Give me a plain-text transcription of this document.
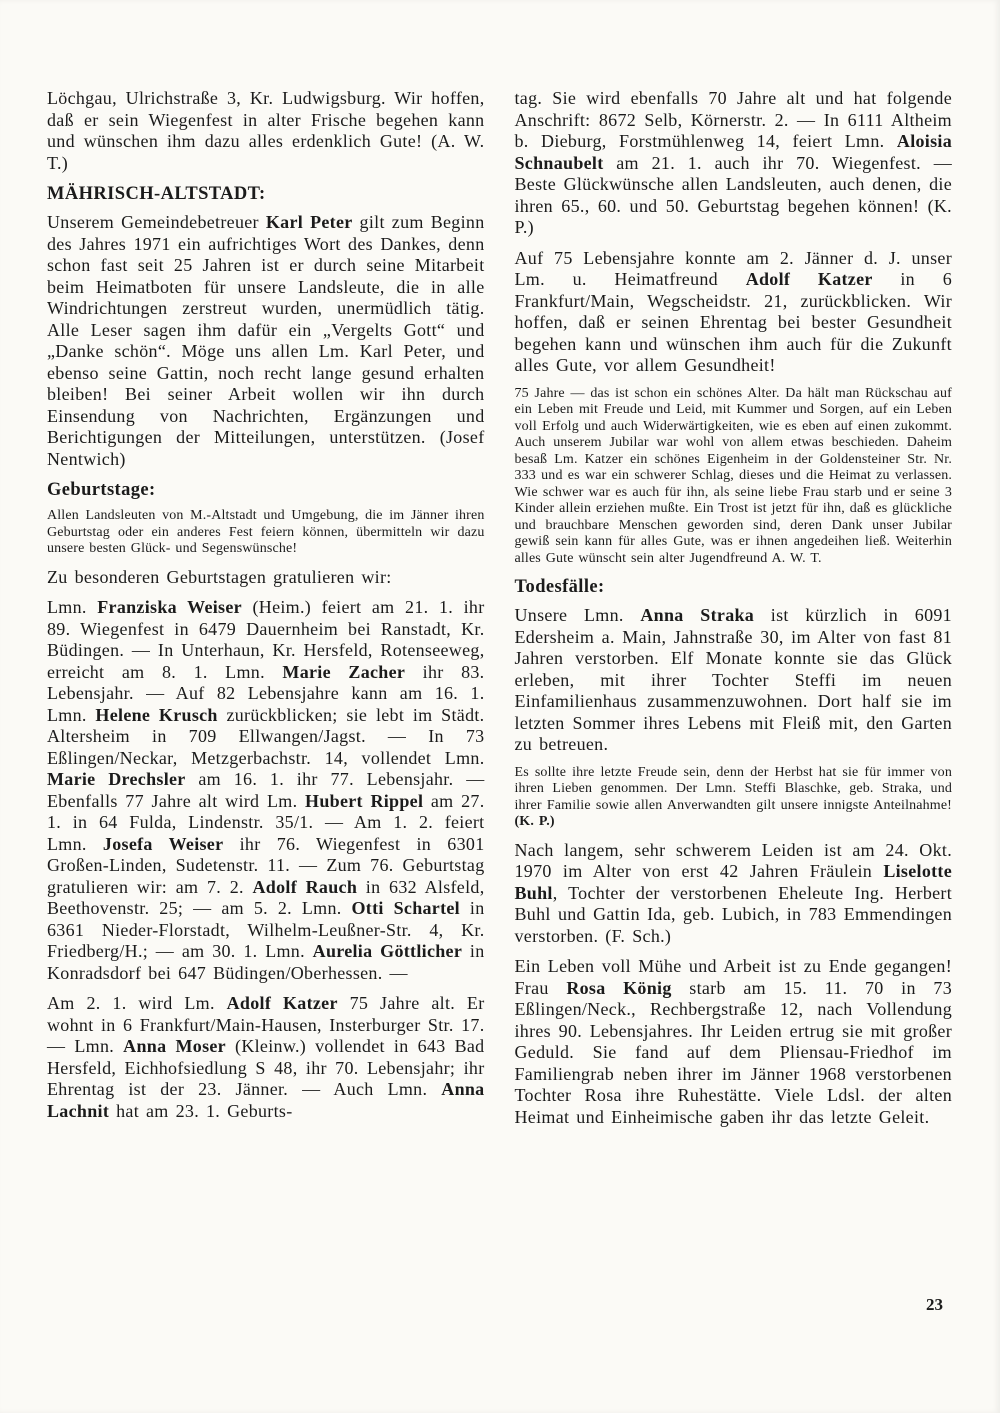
Löchgau, Ulrichstraße 3, Kr. Ludwigsburg. Wir hoffen, daß er sein Wiegenfest in alter Frische begehen kann und wünschen ihm dazu alles erdenklich Gute! (A. W. T.)

MÄHRISCH-ALTSTADT:

Unserem Gemeindebetreuer Karl Peter gilt zum Beginn des Jahres 1971 ein aufrichtiges Wort des Dankes, denn schon fast seit 25 Jahren ist er durch seine Mitarbeit beim Heimatboten für unsere Landsleute, die in alle Windrichtungen zerstreut wurden, unermüdlich tätig. Alle Leser sagen ihm dafür ein „Vergelts Gott“ und „Danke schön“. Möge uns allen Lm. Karl Peter, und ebenso seine Gattin, noch recht lange gesund erhalten bleiben! Bei seiner Arbeit wollen wir ihn durch Einsendung von Nachrichten, Ergänzungen und Berichtigungen der Mitteilungen, unterstützen. (Josef Nentwich)

Geburtstage:

Allen Landsleuten von M.-Altstadt und Umgebung, die im Jänner ihren Geburtstag oder ein anderes Fest feiern können, übermitteln wir dazu unsere besten Glück- und Segenswünsche!

Zu besonderen Geburtstagen gratulieren wir:

Lmn. Franziska Weiser (Heim.) feiert am 21. 1. ihr 89. Wiegenfest in 6479 Dauernheim bei Ranstadt, Kr. Büdingen. — In Unterhaun, Kr. Hersfeld, Rotenseeweg, erreicht am 8. 1. Lmn. Marie Zacher ihr 83. Lebensjahr. — Auf 82 Lebensjahre kann am 16. 1. Lmn. Helene Krusch zurückblicken; sie lebt im Städt. Altersheim in 709 Ellwangen/Jagst. — In 73 Eßlingen/Neckar, Metzgerbachstr. 14, vollendet Lmn. Marie Drechsler am 16. 1. ihr 77. Lebensjahr. — Ebenfalls 77 Jahre alt wird Lm. Hubert Rippel am 27. 1. in 64 Fulda, Lindenstr. 35/1. — Am 1. 2. feiert Lmn. Josefa Weiser ihr 76. Wiegenfest in 6301 Großen-Linden, Sudetenstr. 11. — Zum 76. Geburtstag gratulieren wir: am 7. 2. Adolf Rauch in 632 Alsfeld, Beethovenstr. 25; — am 5. 2. Lmn. Otti Schartel in 6361 Nieder-Florstadt, Wilhelm-Leußner-Str. 4, Kr. Friedberg/H.; — am 30. 1. Lmn. Aurelia Göttlicher in Konradsdorf bei 647 Büdingen/Oberhessen. —

Am 2. 1. wird Lm. Adolf Katzer 75 Jahre alt. Er wohnt in 6 Frankfurt/Main-Hausen, Insterburger Str. 17. — Lmn. Anna Moser (Kleinw.) vollendet in 643 Bad Hersfeld, Eichhofsiedlung S 48, ihr 70. Lebensjahr; ihr Ehrentag ist der 23. Jänner. — Auch Lmn. Anna Lachnit hat am 23. 1. Geburts-

tag. Sie wird ebenfalls 70 Jahre alt und hat folgende Anschrift: 8672 Selb, Körnerstr. 2. — In 6111 Altheim b. Dieburg, Forstmühlenweg 14, feiert Lmn. Aloisia Schnaubelt am 21. 1. auch ihr 70. Wiegenfest. — Beste Glückwünsche allen Landsleuten, auch denen, die ihren 65., 60. und 50. Geburtstag begehen können! (K. P.)

Auf 75 Lebensjahre konnte am 2. Jänner d. J. unser Lm. u. Heimatfreund Adolf Katzer in 6 Frankfurt/Main, Wegscheidstr. 21, zurückblicken. Wir hoffen, daß er seinen Ehrentag bei bester Gesundheit begehen kann und wünschen ihm auch für die Zukunft alles Gute, vor allem Gesundheit!

75 Jahre — das ist schon ein schönes Alter. Da hält man Rückschau auf ein Leben mit Freude und Leid, mit Kummer und Sorgen, auf ein Leben voll Erfolg und auch Widerwärtigkeiten, wie es eben auf einen zukommt. Auch unserem Jubilar war wohl von allem etwas beschieden. Daheim besaß Lm. Katzer ein schönes Eigenheim in der Goldensteiner Str. Nr. 333 und es war ein schwerer Schlag, dieses und die Heimat zu verlassen. Wie schwer war es auch für ihn, als seine liebe Frau starb und er seine 3 Kinder allein erziehen mußte. Ein Trost ist jetzt für ihn, daß es glückliche und brauchbare Menschen geworden sind, deren Dank unser Jubilar gewiß sein kann für alles Gute, was er ihnen angedeihen ließ. Weiterhin alles Gute wünscht sein alter Jugendfreund A. W. T.

Todesfälle:

Unsere Lmn. Anna Straka ist kürzlich in 6091 Edersheim a. Main, Jahnstraße 30, im Alter von fast 81 Jahren verstorben. Elf Monate konnte sie das Glück erleben, mit ihrer Tochter Steffi im neuen Einfamilienhaus zusammenzuwohnen. Dort half sie im letzten Sommer ihres Lebens mit Fleiß mit, den Garten zu betreuen.

Es sollte ihre letzte Freude sein, denn der Herbst hat sie für immer von ihren Lieben genommen. Der Lmn. Steffi Blaschke, geb. Straka, und ihrer Familie sowie allen Anverwandten gilt unsere innigste Anteilnahme! (K. P.)

Nach langem, sehr schwerem Leiden ist am 24. Okt. 1970 im Alter von erst 42 Jahren Fräulein Liselotte Buhl, Tochter der verstorbenen Eheleute Ing. Herbert Buhl und Gattin Ida, geb. Lubich, in 783 Emmendingen verstorben. (F. Sch.)

Ein Leben voll Mühe und Arbeit ist zu Ende gegangen! Frau Rosa König starb am 15. 11. 70 in 73 Eßlingen/Neck., Rechbergstraße 12, nach Vollendung ihres 90. Lebensjahres. Ihr Leiden ertrug sie mit großer Geduld. Sie fand auf dem Pliensau-Friedhof im Familiengrab neben ihrer im Jänner 1968 verstorbenen Tochter Rosa ihre Ruhestätte. Viele Ldsl. der alten Heimat und Einheimische gaben ihr das letzte Geleit.

23
